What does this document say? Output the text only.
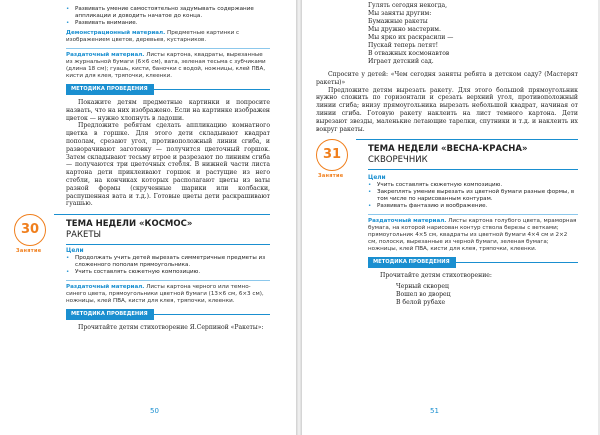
• Развивать умение самостоятельно задумывать содержание аппликации и доводить начатое до конца.
• Развивать внимание.

Демонстрационный материал. Предметные картинки с изображением цветов, деревьев, кустарников.

Раздаточный материал. Листы картона, квадраты, вырезанные из журнальной бумаги (6×6 см), вата, зеленая тесьма с зубчиками (длина 18 см); гуашь, кисти, баночки с водой, ножницы, клей ПВА, кисти для клея, тряпочки, клеенки.

МЕТОДИКА ПРОВЕДЕНИЯ

Покажите детям предметные картинки и попросите назвать, что на них изображено. Если на картинке изображен цветок — нужно хлопнуть в ладоши.

Предложите ребятам сделать аппликацию комнатного цветка в горшке. Для этого дети складывают квадрат пополам, срезают угол, противоположный линии сгиба, и разворачивают заготовку — получится цветочный горшок. Затем складывают тесьму втрое и разрезают по линиям сгиба — получаются три цветочных стебля. В нижней части листа картона дети приклеивают горшок и растущие из него стебли, на кончиках которых располагают цветы из ваты разной формы (скрученные шарики или колбаски, распушенная вата и т.д.). Готовые цветы дети раскрашивают гуашью.

30
Занятие
ТЕМА НЕДЕЛИ «КОСМОС»
РАКЕТЫ
Цели
• Продолжать учить детей вырезать симметричные предметы из сложенного пополам прямоугольника.
• Учить составлять сюжетную композицию.

Раздаточный материал. Листы картона черного или темно-синего цвета, прямоугольники цветной бумаги (13×6 см, 6×3 см), ножницы, клей ПВА, кисти для клея, тряпочки, клеенки.

МЕТОДИКА ПРОВЕДЕНИЯ

Прочитайте детям стихотворение Я.Серпиной «Ракеты»:

50
Гулять сегодня некогда,
Мы заняты другим:
Бумажные ракеты
Мы дружно мастерим.
Мы ярко их раскрасили —
Пускай теперь летят!
В отважных космонавтов
Играет детский сад.

Спросите у детей: «Чем сегодня заняты ребята в детском саду? (Мастерят ракеты)»

Предложите детям вырезать ракету. Для этого большой прямоугольник нужно сложить по горизонтали и срезать верхний угол, противоположный линии сгиба; внизу прямоугольника вырезать небольшой квадрат, начиная от линии сгиба. Готовую ракету наклеить на лист темного картона. Дети вырезают звезды, маленькие летающие тарелки, спутники и т.д. и наклеить их вокруг ракеты.

31
Занятие
ТЕМА НЕДЕЛИ «ВЕСНА-КРАСНА»
СКВОРЕЧНИК
Цели
• Учить составлять сюжетную композицию.
• Закреплять умение вырезать из цветной бумаги разные формы, в том числе по нарисованным контурам.
• Развивать фантазию и воображение.

Раздаточный материал. Листы картона голубого цвета, мраморная бумага, на которой нарисован контур ствола березы с ветками; прямоугольник 4×5 см, квадраты из цветной бумаги 4×4 см и 2×2 см, полоски, вырезанные из черной бумаги, зеленая бумага; ножницы, клей ПВА, кисти для клея, тряпочки, клеенки.

МЕТОДИКА ПРОВЕДЕНИЯ

Прочитайте детям стихотворение:

Черный скворец
Вошел во дворец
В белой рубахе
51
